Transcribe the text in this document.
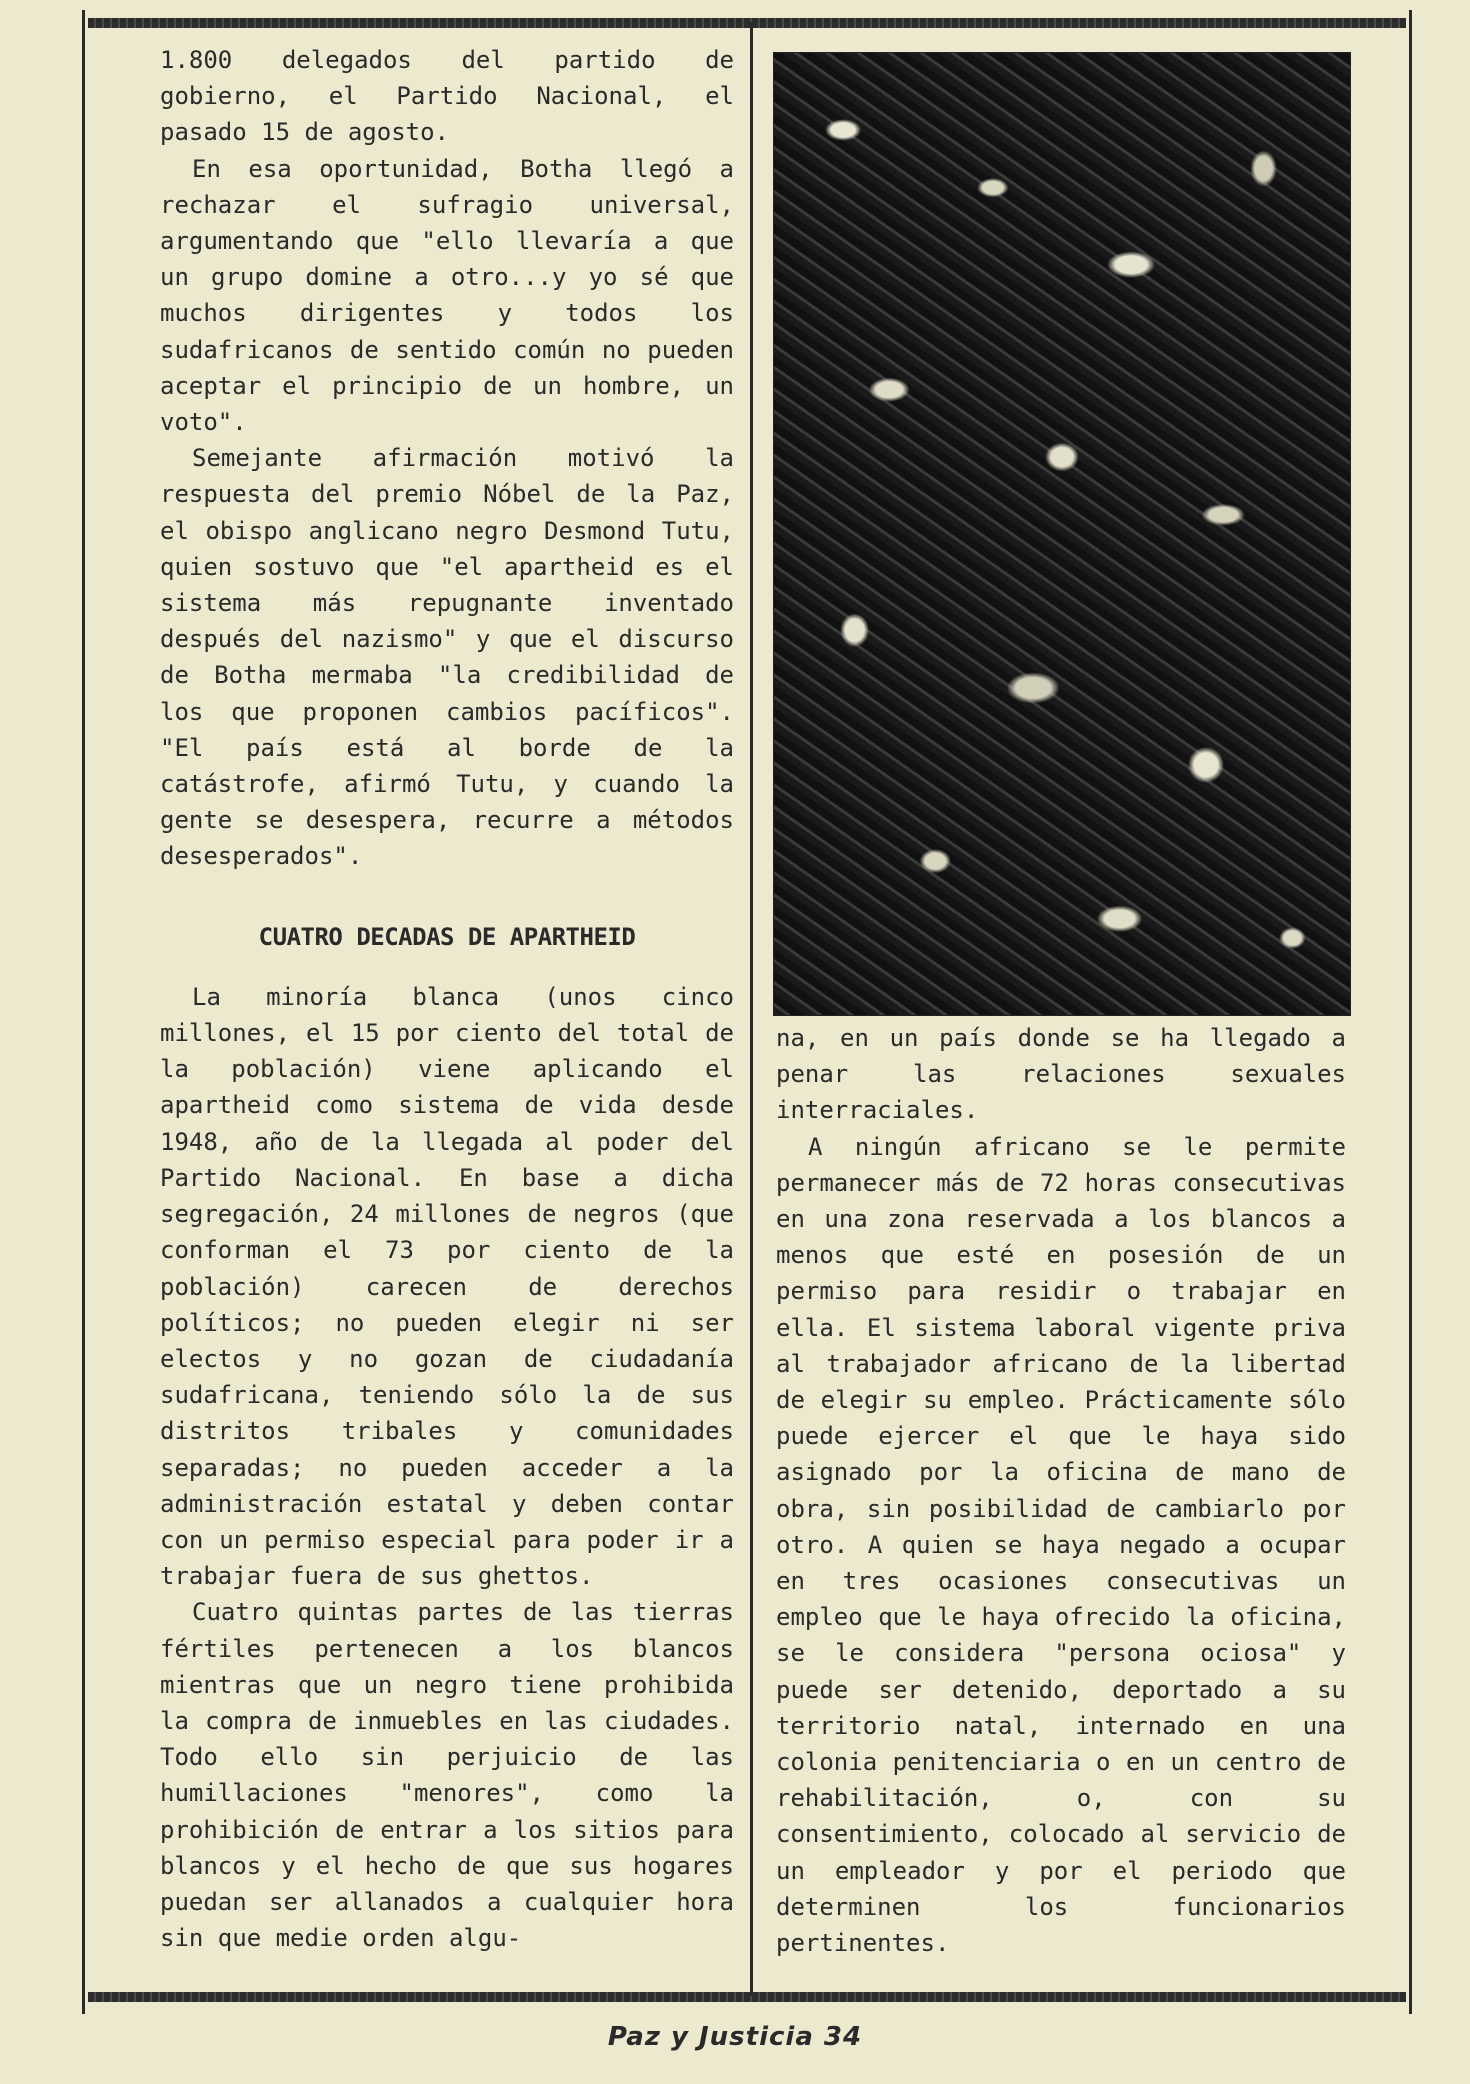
1.800 delegados del partido de gobierno, el Partido Nacional, el pasado 15 de agosto.

En esa oportunidad, Botha llegó a rechazar el sufragio universal, argumentando que "ello llevaría a que un grupo domine a otro...y yo sé que muchos dirigentes y todos los sudafricanos de sentido común no pueden aceptar el principio de un hombre, un voto".

Semejante afirmación motivó la respuesta del premio Nóbel de la Paz, el obispo anglicano negro Desmond Tutu, quien sostuvo que "el apartheid es el sistema más repugnante inventado después del nazismo" y que el discurso de Botha mermaba "la credibilidad de los que proponen cambios pacíficos". "El país está al borde de la catástrofe, afirmó Tutu, y cuando la gente se desespera, recurre a métodos desesperados".

CUATRO DECADAS DE APARTHEID

La minoría blanca (unos cinco millones, el 15 por ciento del total de la población) viene aplicando el apartheid como sistema de vida desde 1948, año de la llegada al poder del Partido Nacional. En base a dicha segregación, 24 millones de negros (que conforman el 73 por ciento de la población) carecen de derechos políticos; no pueden elegir ni ser electos y no gozan de ciudadanía sudafricana, teniendo sólo la de sus distritos tribales y comunidades separadas; no pueden acceder a la administración estatal y deben contar con un permiso especial para poder ir a trabajar fuera de sus ghettos.

Cuatro quintas partes de las tierras fértiles pertenecen a los blancos mientras que un negro tiene prohibida la compra de inmuebles en las ciudades. Todo ello sin perjuicio de las humillaciones "menores", como la prohibición de entrar a los sitios para blancos y el hecho de que sus hogares puedan ser allanados a cualquier hora sin que medie orden algu-

na, en un país donde se ha llegado a penar las relaciones sexuales interraciales.

A ningún africano se le permite permanecer más de 72 horas consecutivas en una zona reservada a los blancos a menos que esté en posesión de un permiso para residir o trabajar en ella. El sistema laboral vigente priva al trabajador africano de la libertad de elegir su empleo. Prácticamente sólo puede ejercer el que le haya sido asignado por la oficina de mano de obra, sin posibilidad de cambiarlo por otro. A quien se haya negado a ocupar en tres ocasiones consecutivas un empleo que le haya ofrecido la oficina, se le considera "persona ociosa" y puede ser detenido, deportado a su territorio natal, internado en una colonia penitenciaria o en un centro de rehabilitación, o, con su consentimiento, colocado al servicio de un empleador y por el periodo que determinen los funcionarios pertinentes.

Paz y Justicia 34
